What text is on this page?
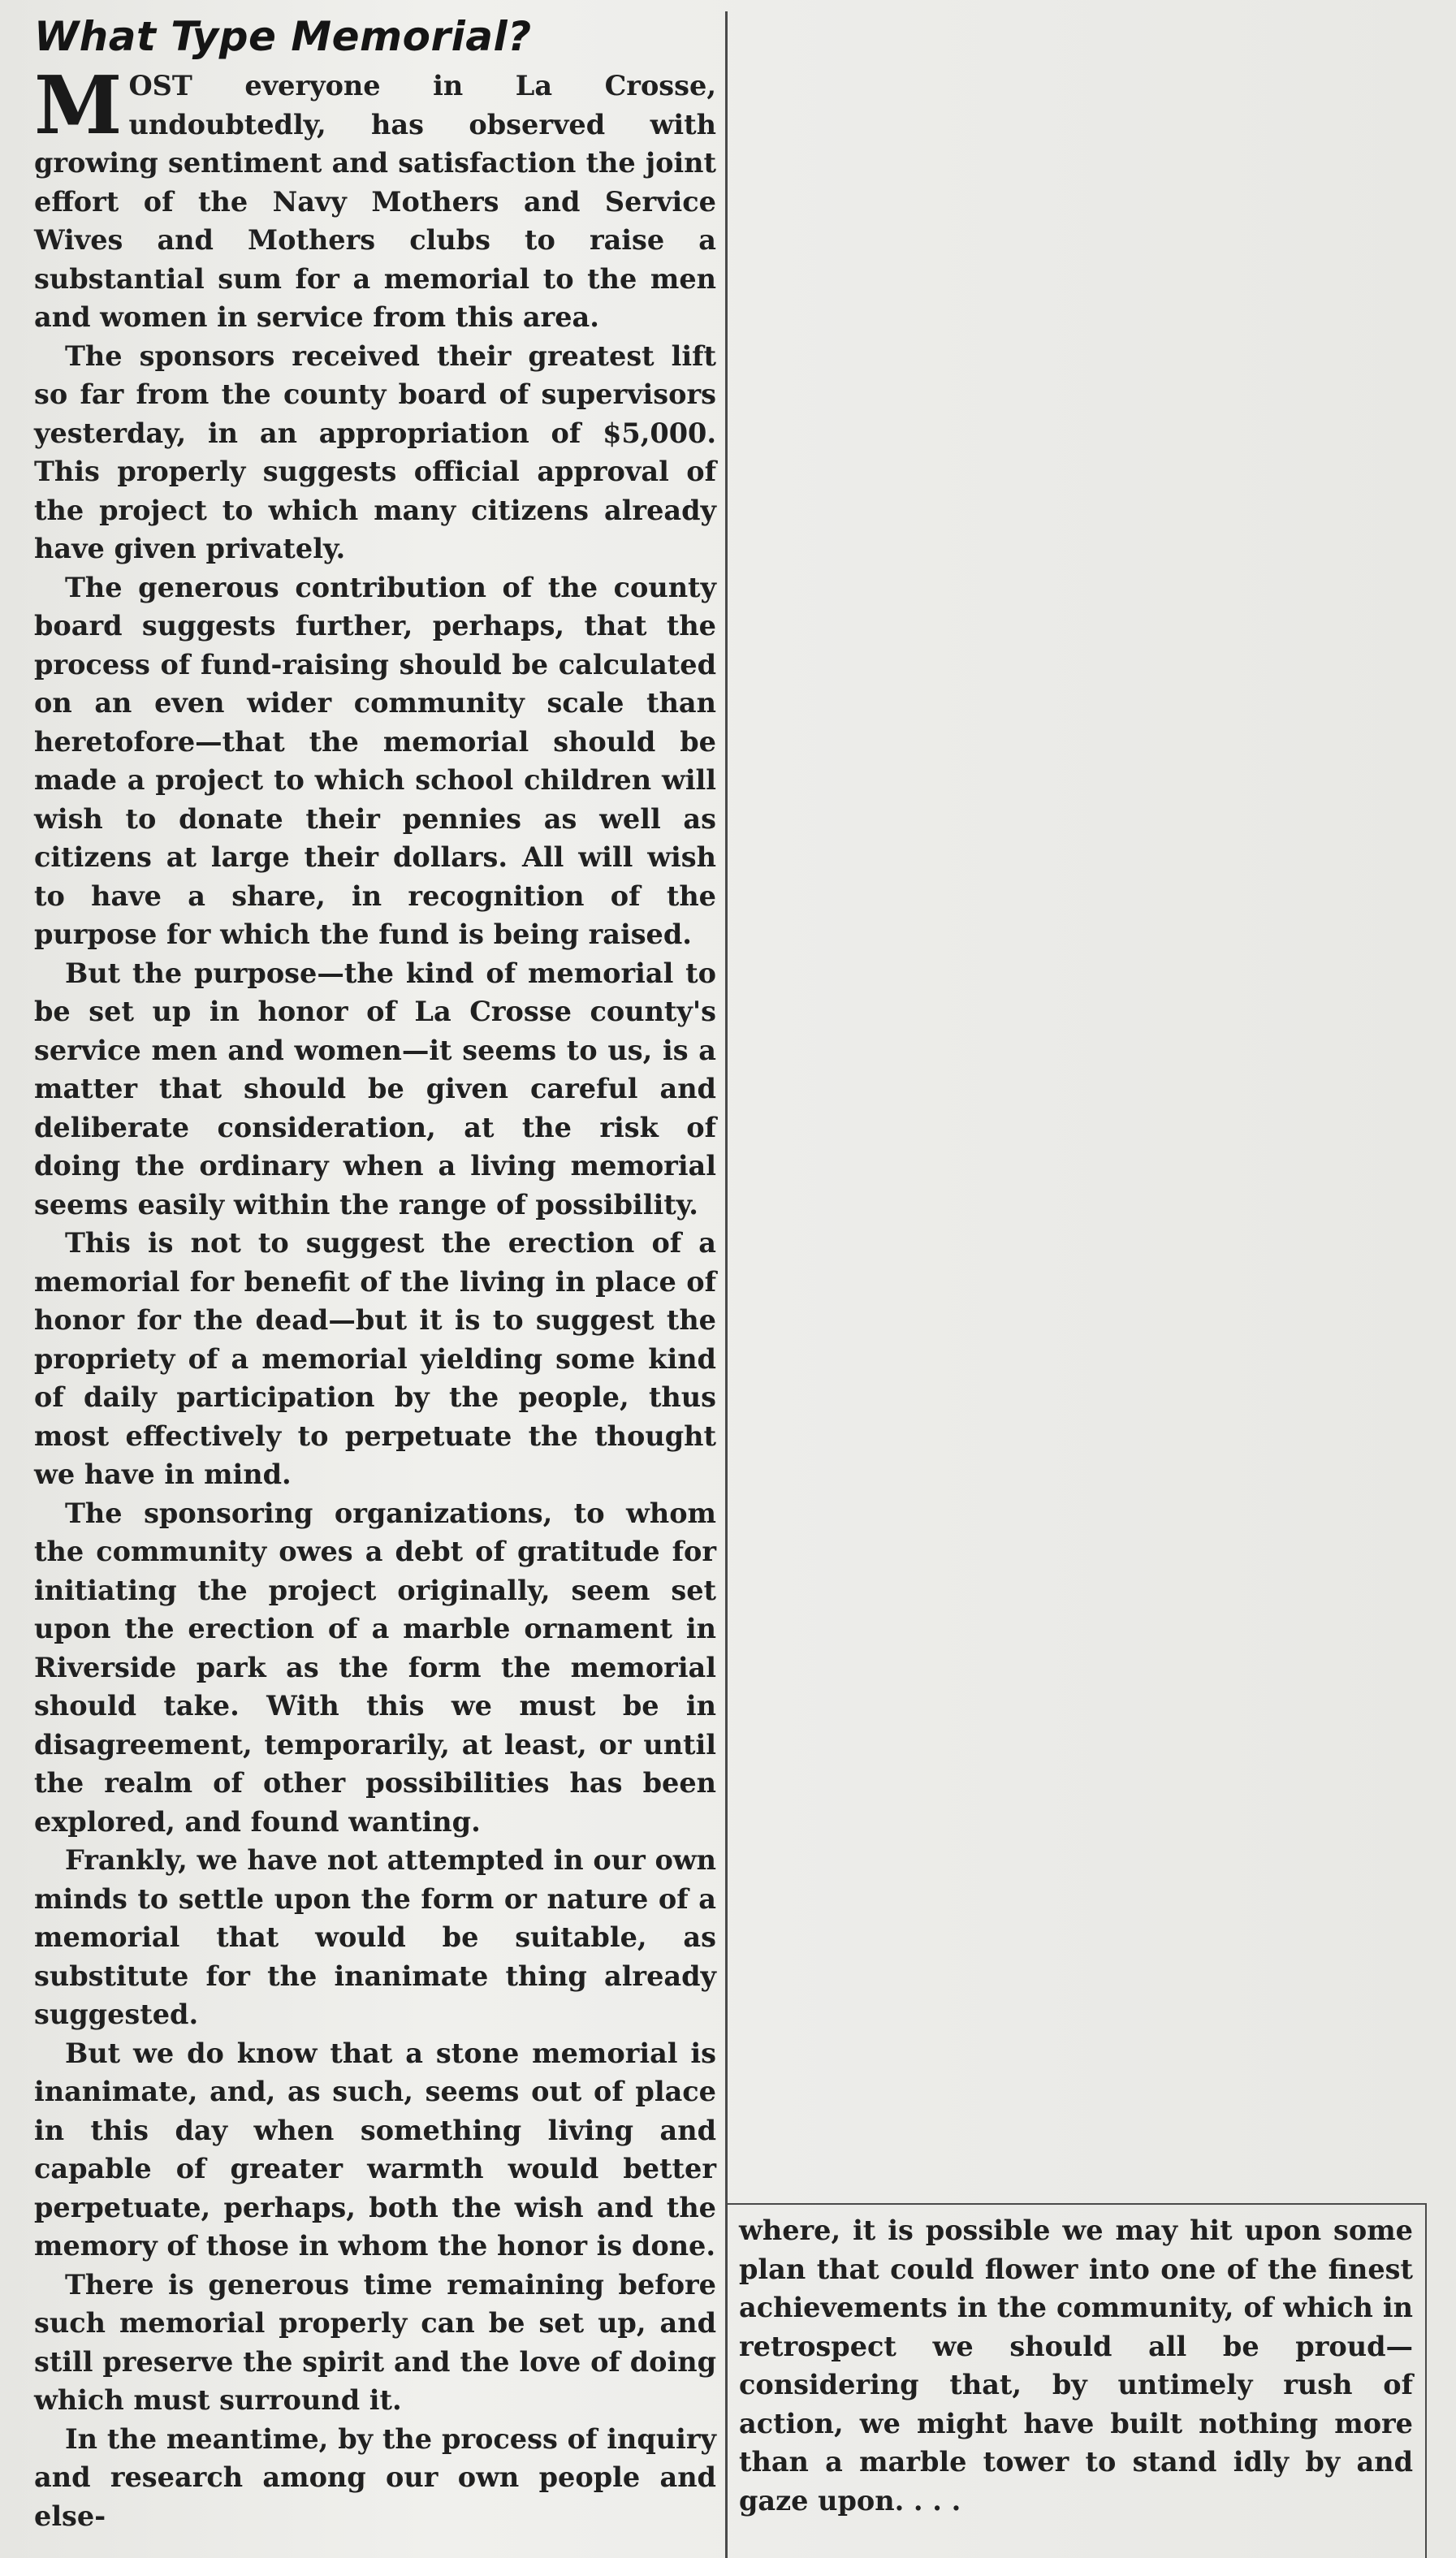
What Type Memorial?

MOST everyone in La Crosse, undoubtedly, has observed with growing sentiment and satisfaction the joint effort of the Navy Mothers and Service Wives and Mothers clubs to raise a substantial sum for a memorial to the men and women in service from this area.

The sponsors received their greatest lift so far from the county board of supervisors yesterday, in an appropriation of $5,000. This properly suggests official approval of the project to which many citizens already have given privately.

The generous contribution of the county board suggests further, perhaps, that the process of fund-raising should be calculated on an even wider community scale than heretofore—that the memorial should be made a project to which school children will wish to donate their pennies as well as citizens at large their dollars. All will wish to have a share, in recognition of the purpose for which the fund is being raised.

But the purpose—the kind of memorial to be set up in honor of La Crosse county's service men and women—it seems to us, is a matter that should be given careful and deliberate consideration, at the risk of doing the ordinary when a living memorial seems easily within the range of possibility.

This is not to suggest the erection of a memorial for benefit of the living in place of honor for the dead—but it is to suggest the propriety of a memorial yielding some kind of daily participation by the people, thus most effectively to perpetuate the thought we have in mind.

The sponsoring organizations, to whom the community owes a debt of gratitude for initiating the project originally, seem set upon the erection of a marble ornament in Riverside park as the form the memorial should take. With this we must be in disagreement, temporarily, at least, or until the realm of other possibilities has been explored, and found wanting.

Frankly, we have not attempted in our own minds to settle upon the form or nature of a memorial that would be suitable, as substitute for the inanimate thing already suggested.

But we do know that a stone memorial is inanimate, and, as such, seems out of place in this day when something living and capable of greater warmth would better perpetuate, perhaps, both the wish and the memory of those in whom the honor is done.

There is generous time remaining before such memorial properly can be set up, and still preserve the spirit and the love of doing which must surround it.

In the meantime, by the process of inquiry and research among our own people and else-

where, it is possible we may hit upon some plan that could flower into one of the finest achievements in the community, of which in retrospect we should all be proud—considering that, by untimely rush of action, we might have built nothing more than a marble tower to stand idly by and gaze upon. . . .
